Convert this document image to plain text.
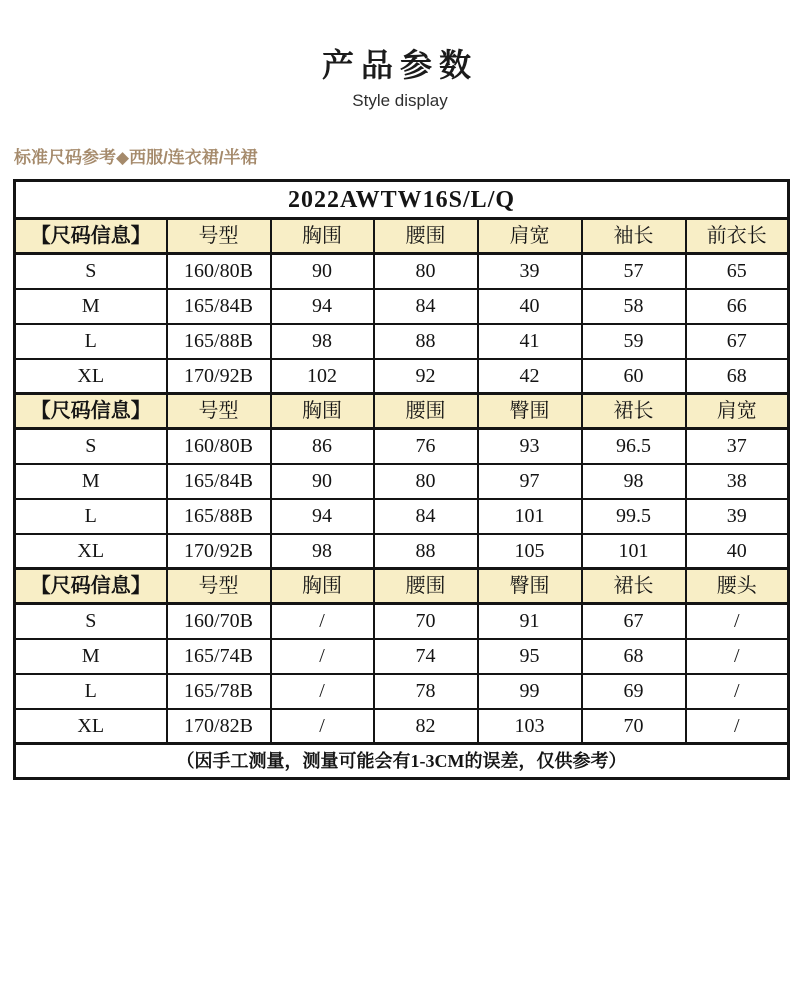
产品参数
Style display
标准尺码参考◆西服/连衣裙/半裙
2022AWTW16S/L/Q						
【尺码信息】	号型	胸围	腰围	肩宽	袖长	前衣长
S	160/80B	90	80	39	57	65
M	165/84B	94	84	40	58	66
L	165/88B	98	88	41	59	67
XL	170/92B	102	92	42	60	68
【尺码信息】	号型	胸围	腰围	臀围	裙长	肩宽
S	160/80B	86	76	93	96.5	37
M	165/84B	90	80	97	98	38
L	165/88B	94	84	101	99.5	39
XL	170/92B	98	88	105	101	40
【尺码信息】	号型	胸围	腰围	臀围	裙长	腰头
S	160/70B	/	70	91	67	/
M	165/74B	/	74	95	68	/
L	165/78B	/	78	99	69	/
XL	170/82B	/	82	103	70	/
（因手工测量，测量可能会有1-3CM的误差，仅供参考）						
